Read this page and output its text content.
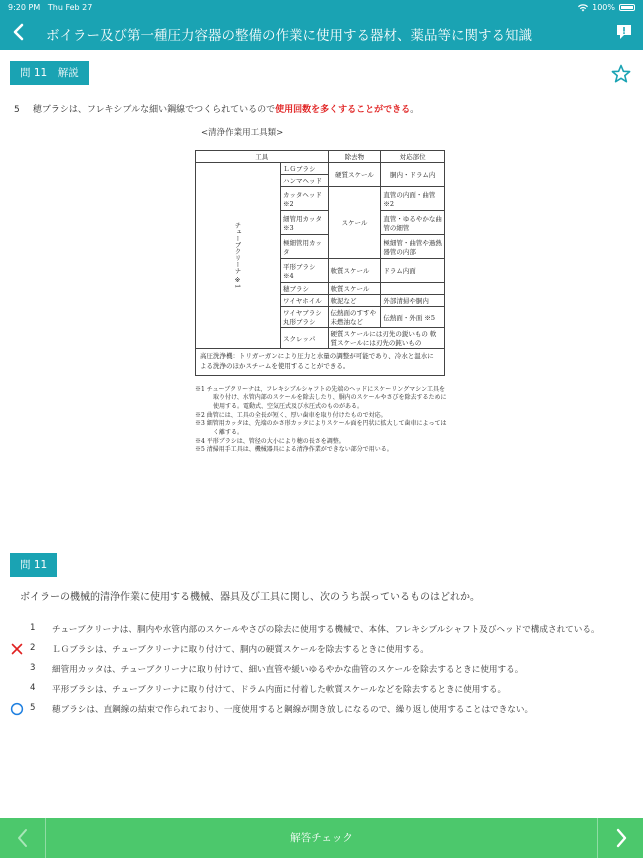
9:20 PM Thu Feb 27	100%
ボイラー及び第一種圧力容器の整備の作業に使用する器材、薬品等に関する知識
問 11　解説
5 穂ブラシは、フレキシブルな細い鋼線でつくられているので使用回数を多くすることができる。
<清浄作業用工具類>
工具		除去物	対応部位
チューブクリーナ ※1	ＬＧブラシ	硬質スケール	胴内・ドラム内
	ハンマヘッド		
	カッタヘッド ※2	スケール	直管の内面・曲管 ※2
	細管用カッタ ※3		直管・ゆるやかな曲管の細管
	極細管用カッタ		極細管・曲管や過熱器管の内部
	平形ブラシ ※4	軟質スケール	ドラム内面
	穂ブラシ	軟質スケール	
	ワイヤホイル	軟泥など	外部清掃や胴内
	ワイヤブラシ 丸形ブラシ	伝熱面のすすや未燃油など	伝熱面・外面 ※5
	スクレッパ	硬質スケールには刃先の鋭いもの 軟質スケールには刃先の鈍いもの	
高圧洗浄機：トリガーガンにより圧力と水量の調整が可能であり、冷水と温水による洗浄のほかスチームを使用することができる。			
※1 チューブクリーナは、フレキシブルシャフトの先端のヘッドにスケーリングマシン工具を取り付け、水管内部のスケールを除去したり、胴内のスケールやさびを除去するために使用する。電動式、空気圧式及び水圧式のものがある。
※2 曲管には、工具の全長が短く、厚い歯車を取り付けたもので対応。
※3 細管用カッタは、先端のかさ形カッタによりスケール面を円状に拡大して歯車によってはく離する。
※4 平形ブラシは、管径の大小により穂の長さを調整。
※5 清掃用手工具は、機械器具による清浄作業ができない部分で用いる。
問 11
ボイラーの機械的清浄作業に使用する機械、器具及び工具に関し、次のうち誤っているものはどれか。
1	チューブクリーナは、胴内や水管内部のスケールやさびの除去に使用する機械で、本体、フレキシブルシャフト及びヘッドで構成されている。
2	ＬＧブラシは、チューブクリーナに取り付けて、胴内の硬質スケールを除去するときに使用する。
3	細管用カッタは、チューブクリーナに取り付けて、細い直管や緩いゆるやかな曲管のスケールを除去するときに使用する。
4	平形ブラシは、チューブクリーナに取り付けて、ドラム内面に付着した軟質スケールなどを除去するときに使用する。
5	穂ブラシは、直鋼線の結束で作られており、一度使用すると鋼線が開き放しになるので、繰り返し使用することはできない。
解答チェック
